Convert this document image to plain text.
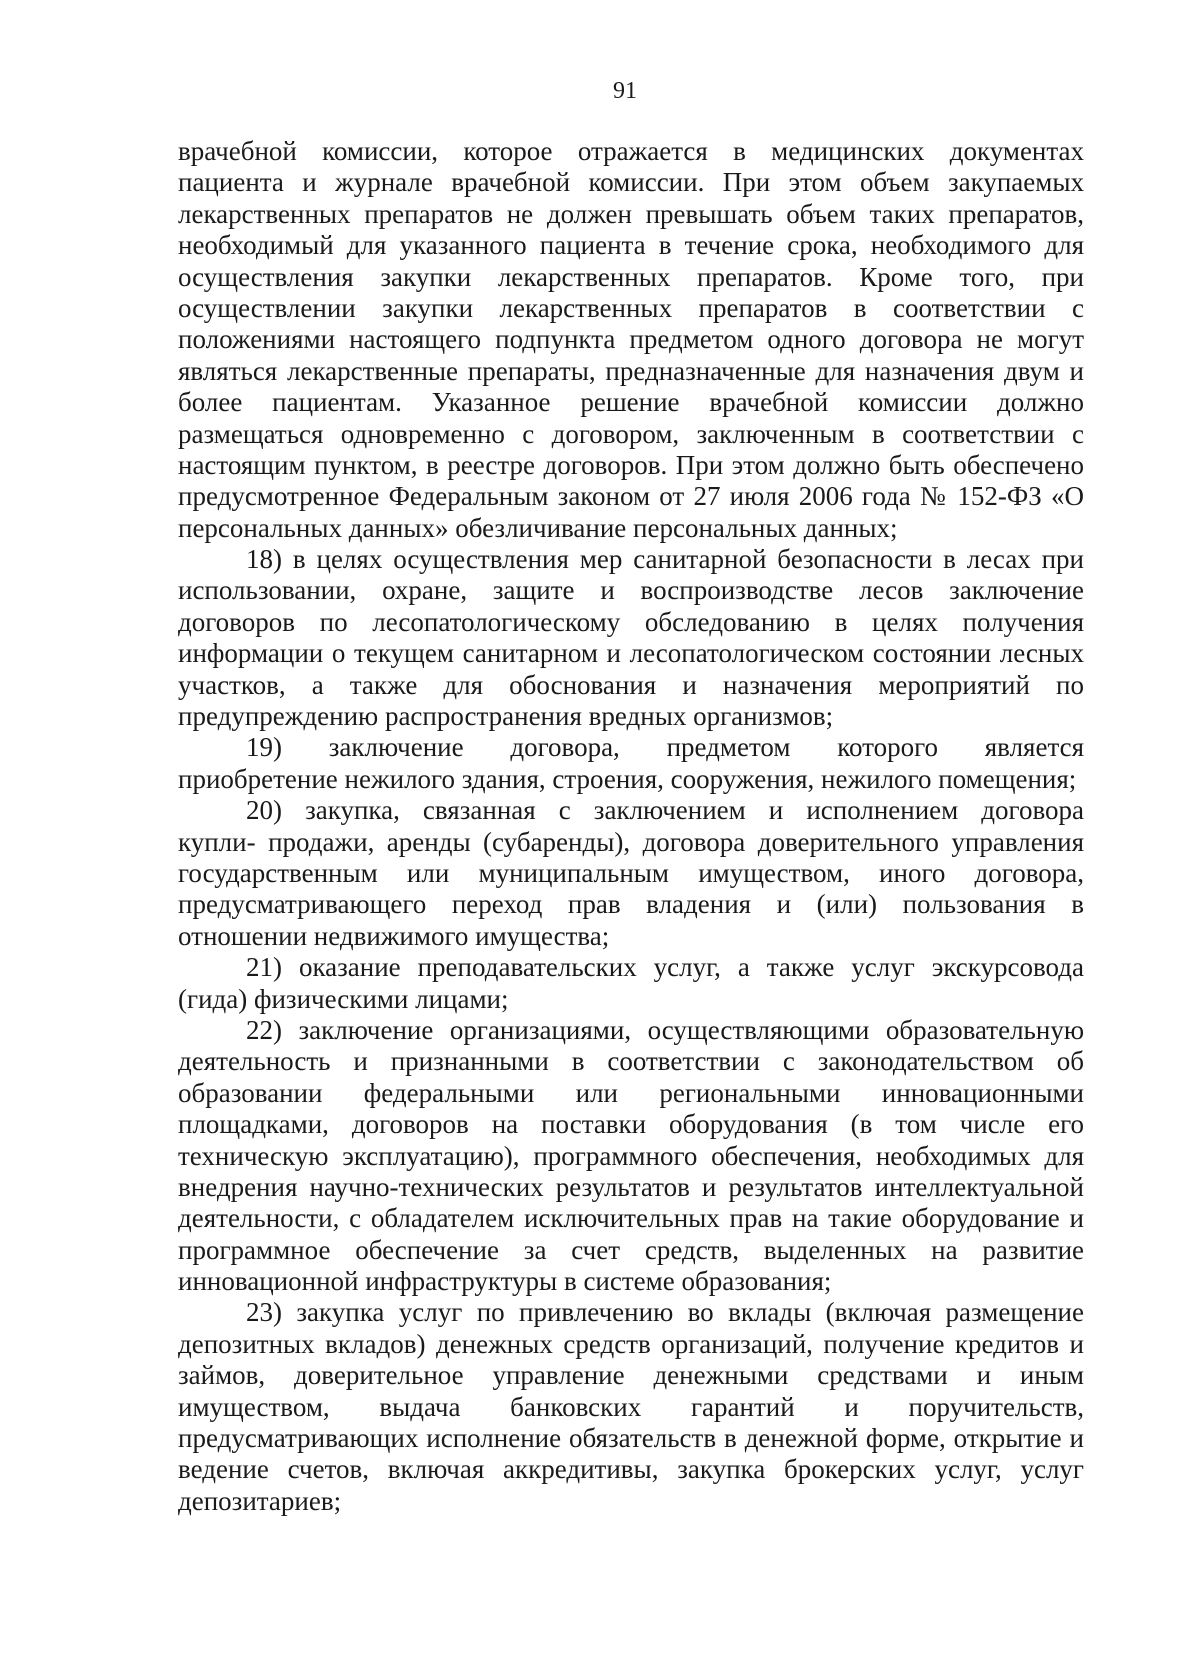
91
врачебной комиссии, которое отражается в медицинских документах
пациента и журнале врачебной комиссии. При этом объем закупаемых
лекарственных препаратов не должен превышать объем таких препаратов,
необходимый для указанного пациента в течение срока, необходимого для
осуществления закупки лекарственных препаратов. Кроме того, при
осуществлении закупки лекарственных препаратов в соответствии с
положениями настоящего подпункта предметом одного договора не могут
являться лекарственные препараты, предназначенные для назначения двум и
более пациентам. Указанное решение врачебной комиссии должно
размещаться одновременно с договором, заключенным в соответствии с
настоящим пунктом, в реестре договоров. При этом должно быть обеспечено
предусмотренное Федеральным законом от 27 июля 2006 года № 152-ФЗ «О
персональных данных» обезличивание персональных данных;
18) в целях осуществления мер санитарной безопасности в лесах при
использовании, охране, защите и воспроизводстве лесов заключение
договоров по лесопатологическому обследованию в целях получения
информации о текущем санитарном и лесопатологическом состоянии лесных
участков, а также для обоснования и назначения мероприятий по
предупреждению распространения вредных организмов;
19) заключение договора, предметом которого является
приобретение нежилого здания, строения, сооружения, нежилого помещения;
20) закупка, связанная с заключением и исполнением договора
купли- продажи, аренды (субаренды), договора доверительного управления
государственным или муниципальным имуществом, иного договора,
предусматривающего переход прав владения и (или) пользования в
отношении недвижимого имущества;
21) оказание преподавательских услуг, а также услуг экскурсовода
(гида) физическими лицами;
22) заключение организациями, осуществляющими образовательную
деятельность и признанными в соответствии с законодательством об
образовании федеральными или региональными инновационными
площадками, договоров на поставки оборудования (в том числе его
техническую эксплуатацию), программного обеспечения, необходимых для
внедрения научно-технических результатов и результатов интеллектуальной
деятельности, с обладателем исключительных прав на такие оборудование и
программное обеспечение за счет средств, выделенных на развитие
инновационной инфраструктуры в системе образования;
23) закупка услуг по привлечению во вклады (включая размещение
депозитных вкладов) денежных средств организаций, получение кредитов и
займов, доверительное управление денежными средствами и иным
имуществом, выдача банковских гарантий и поручительств,
предусматривающих исполнение обязательств в денежной форме, открытие и
ведение счетов, включая аккредитивы, закупка брокерских услуг, услуг
депозитариев;
